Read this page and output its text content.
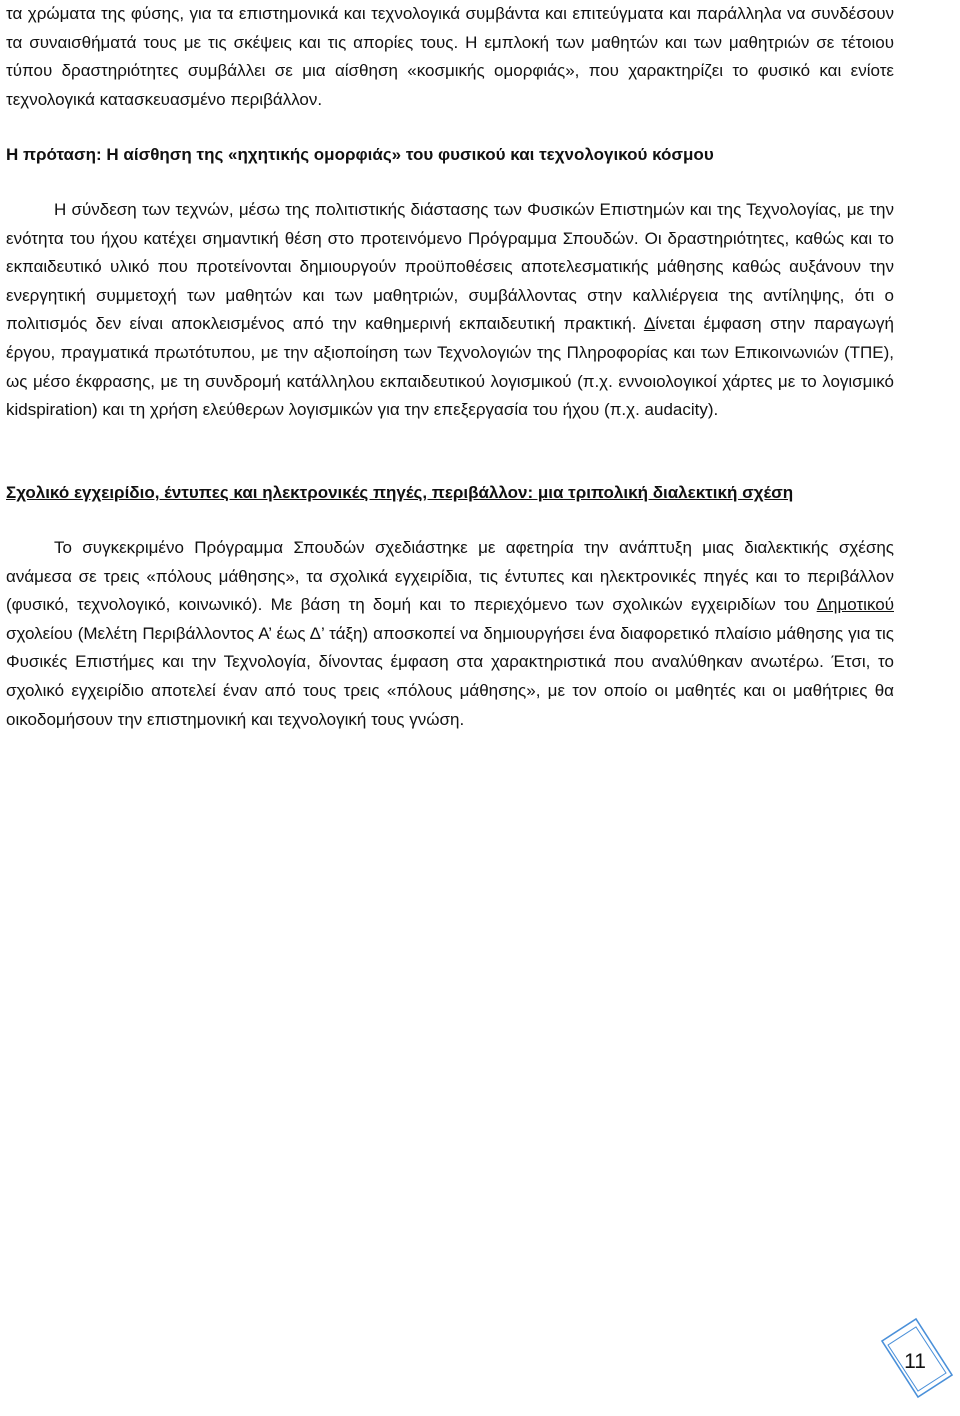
τα χρώματα της φύσης, για τα επιστημονικά και τεχνολογικά συμβάντα και επιτεύγματα και παράλληλα να συνδέσουν τα συναισθήματά τους με τις σκέψεις και τις απορίες τους. Η εμπλοκή των μαθητών και των μαθητριών σε τέτοιου τύπου δραστηριότητες συμβάλλει σε μια αίσθηση «κοσμικής ομορφιάς», που χαρακτηρίζει το φυσικό και ενίοτε τεχνολογικά κατασκευασμένο περιβάλλον.

Η πρόταση: Η αίσθηση της «ηχητικής ομορφιάς» του φυσικού και τεχνολογικού κόσμου

Η σύνδεση των τεχνών, μέσω της πολιτιστικής διάστασης των Φυσικών Επιστημών και της Τεχνολογίας, με την ενότητα του ήχου κατέχει σημαντική θέση στο προτεινόμενο Πρόγραμμα Σπουδών. Οι δραστηριότητες, καθώς και το εκπαιδευτικό υλικό που προτείνονται δημιουργούν προϋποθέσεις αποτελεσματικής μάθησης καθώς αυξάνουν την ενεργητική συμμετοχή των μαθητών και των μαθητριών, συμβάλλοντας στην καλλιέργεια της αντίληψης, ότι ο πολιτισμός δεν είναι αποκλεισμένος από την καθημερινή εκπαιδευτική πρακτική. Δίνεται έμφαση στην παραγωγή έργου, πραγματικά πρωτότυπου, με την αξιοποίηση των Τεχνολογιών της Πληροφορίας και των Επικοινωνιών (ΤΠΕ), ως μέσο έκφρασης, με τη συνδρομή κατάλληλου εκπαιδευτικού λογισμικού (π.χ. εννοιολογικοί χάρτες με το λογισμικό kidspiration) και τη χρήση ελεύθερων λογισμικών για την επεξεργασία του ήχου (π.χ. audacity).

Σχολικό εγχειρίδιο, έντυπες και ηλεκτρονικές πηγές, περιβάλλον: μια τριπολική διαλεκτική σχέση

Το συγκεκριμένο Πρόγραμμα Σπουδών σχεδιάστηκε με αφετηρία την ανάπτυξη μιας διαλεκτικής σχέσης ανάμεσα σε τρεις «πόλους μάθησης», τα σχολικά εγχειρίδια, τις έντυπες και ηλεκτρονικές πηγές και το περιβάλλον (φυσικό, τεχνολογικό, κοινωνικό). Με βάση τη δομή και το περιεχόμενο των σχολικών εγχειριδίων του Δημοτικού σχολείου (Μελέτη Περιβάλλοντος Α’ έως Δ’ τάξη) αποσκοπεί να δημιουργήσει ένα διαφορετικό πλαίσιο μάθησης για τις Φυσικές Επιστήμες και την Τεχνολογία, δίνοντας έμφαση στα χαρακτηριστικά που αναλύθηκαν ανωτέρω. Έτσι, το σχολικό εγχειρίδιο αποτελεί έναν από τους τρεις «πόλους μάθησης», με τον οποίο οι μαθητές και οι μαθήτριες θα οικοδομήσουν την επιστημονική και τεχνολογική τους γνώση.

11
